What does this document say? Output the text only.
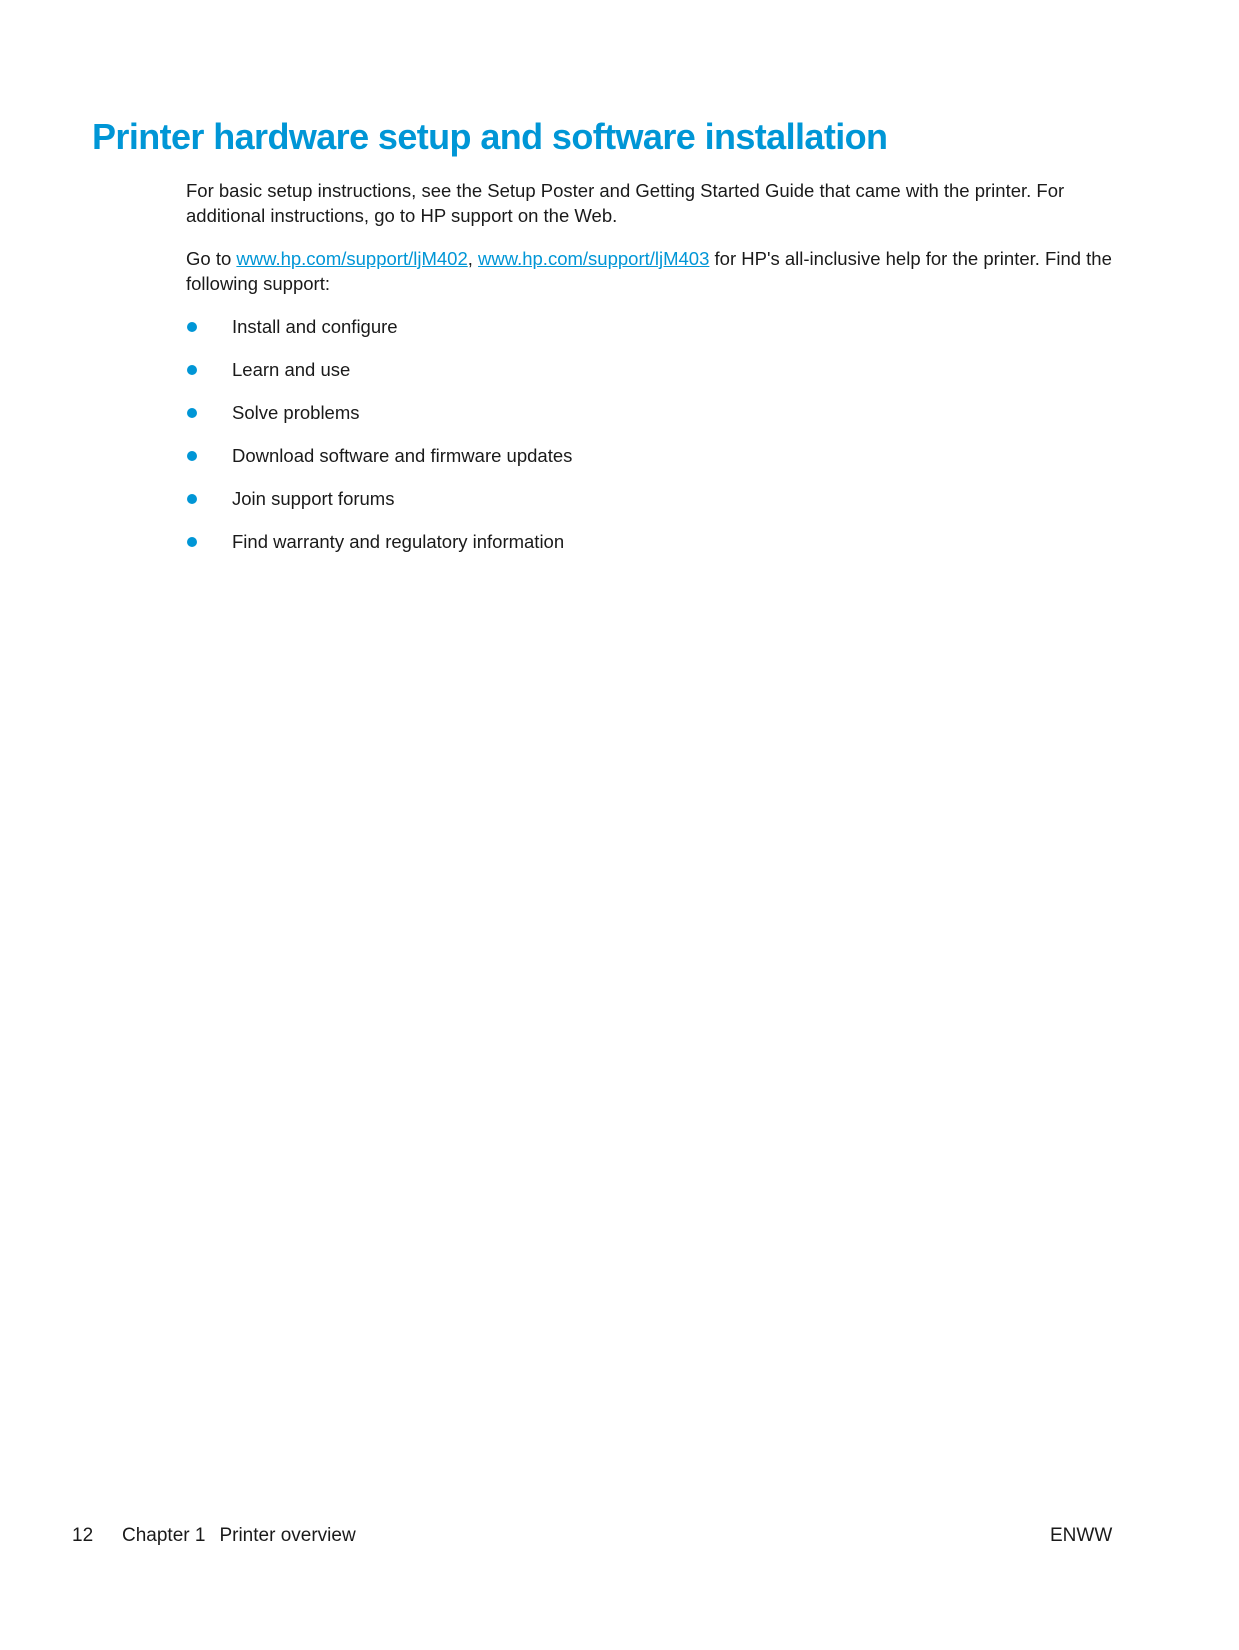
Printer hardware setup and software installation

For basic setup instructions, see the Setup Poster and Getting Started Guide that came with the printer. For additional instructions, go to HP support on the Web.

Go to www.hp.com/support/ljM402, www.hp.com/support/ljM403 for HP's all-inclusive help for the printer. Find the following support:

Install and configure
Learn and use
Solve problems
Download software and firmware updates
Join support forums
Find warranty and regulatory information
12 Chapter 1 Printer overview	ENWW
